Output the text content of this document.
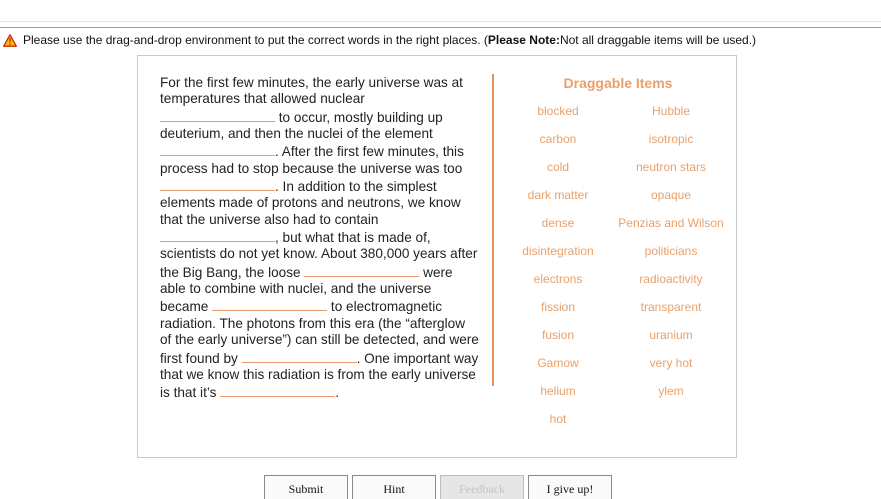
Please use the drag-and-drop environment to put the correct words in the right places. ( Please Note: Not all draggable items will be used.)
For the first few minutes, the early universe was at temperatures that allowed nuclear  to occur, mostly building up deuterium, and then the nuclei of the element . After the first few minutes, this process had to stop because the universe was too . In addition to the simplest elements made of protons and neutrons, we know that the universe also had to contain , but what that is made of, scientists do not yet know. About 380,000 years after the Big Bang, the loose	were able to combine with nuclei, and the universe became	to electromagnetic radiation. The photons from this era (the “afterglow of the early universe”) can still be detected, and were first found by	. One important way that we know this radiation is from the early universe is that it’s	.
Draggable Items
blocked
carbon
cold
dark matter
dense
disintegration
electrons
fission
fusion
Gamow
helium
hot
Hubble
isotropic
neutron stars
opaque
Penzias and Wilson
politicians
radioactivity
transparent
uranium
very hot
ylem
Submit	Hint	Feedback	I give up!
